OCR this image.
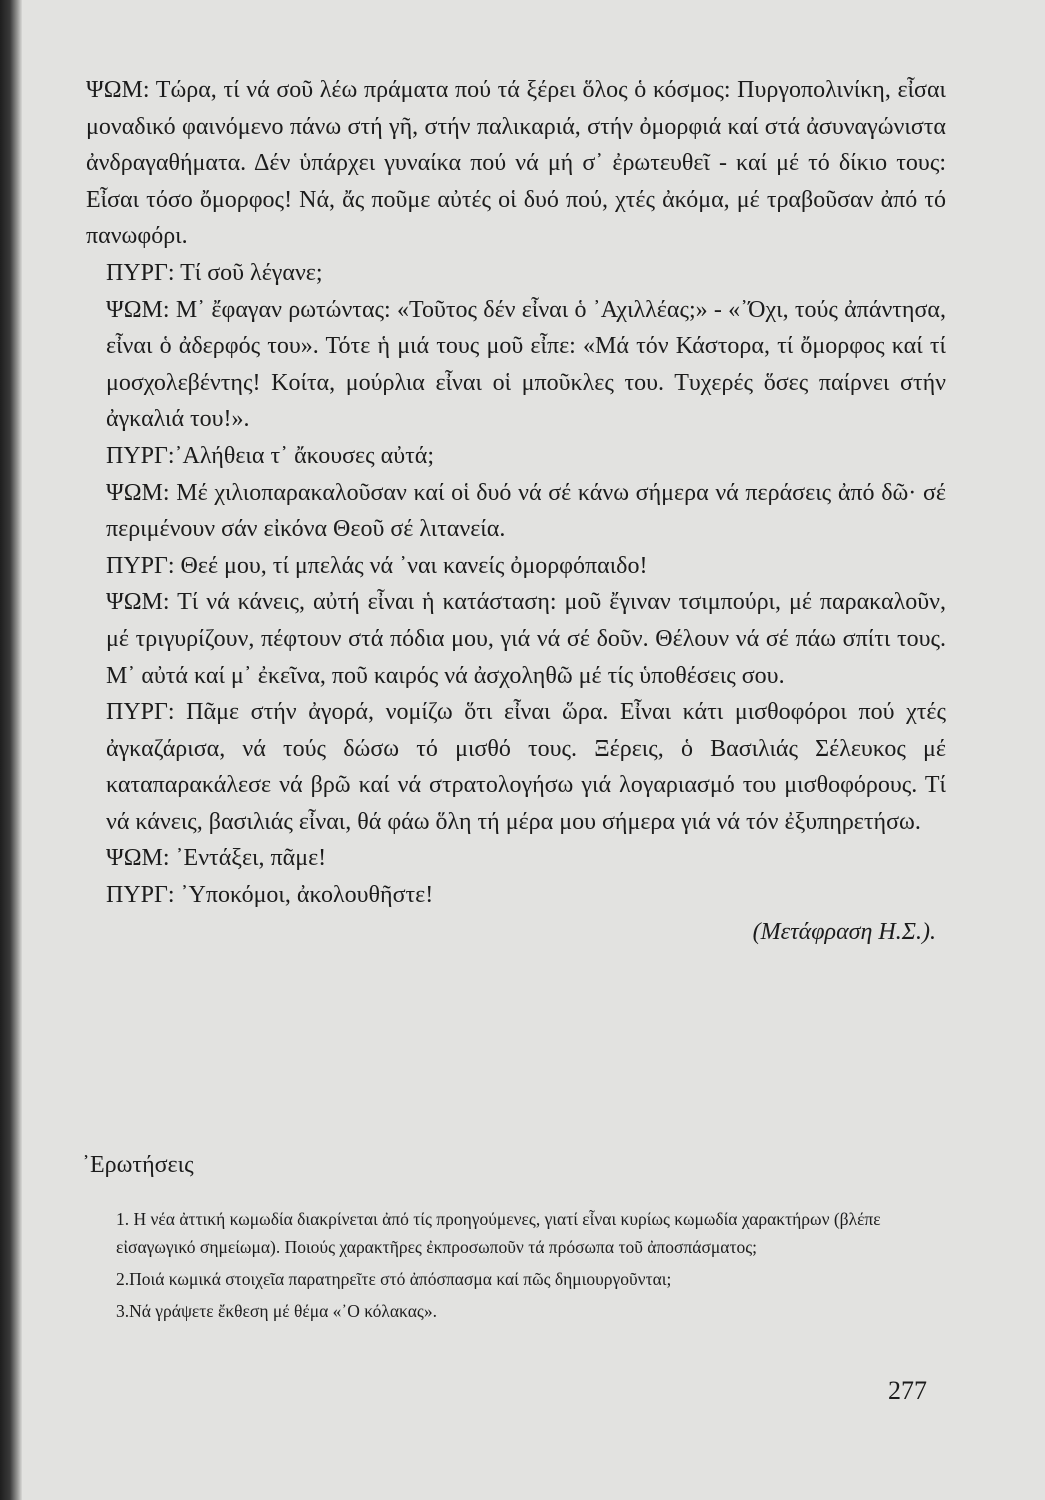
ΨΩΜ: Τώρα, τί νά σοῦ λέω πράματα πού τά ξέρει ὅλος ὁ κόσμος: Πυργοπολινίκη, εἶσαι μοναδικό φαινόμενο πάνω στή γῆ, στήν παλικαριά, στήν ὀμορφιά καί στά ἀσυναγώνιστα ἀνδραγαθήματα. Δέν ὑπάρχει γυναίκα πού νά μή σ᾽ ἐρωτευθεῖ - καί μέ τό δίκιο τους: Εἶσαι τόσο ὄμορφος! Νά, ἄς ποῦμε αὐτές οἱ δυό πού, χτές ἀκόμα, μέ τραβοῦσαν ἀπό τό πανωφόρι.

ΠΥΡΓ: Τί σοῦ λέγανε;

ΨΩΜ: Μ᾽ ἔφαγαν ρωτώντας: «Τοῦτος δέν εἶναι ὁ ᾽Αχιλλέας;» - «᾽Όχι, τούς ἀπάντησα, εἶναι ὁ ἀδερφός του». Τότε ἡ μιά τους μοῦ εἶπε: «Μά τόν Κάστορα, τί ὄμορφος καί τί μοσχολεβέντης! Κοίτα, μούρλια εἶναι οἱ μποῦκλες του. Τυχερές ὅσες παίρνει στήν ἀγκαλιά του!».

ΠΥΡΓ:᾽Αλήθεια τ᾽ ἄκουσες αὐτά;

ΨΩΜ: Μέ χιλιοπαρακαλοῦσαν καί οἱ δυό νά σέ κάνω σήμερα νά περάσεις ἀπό δῶ· σέ περιμένουν σάν εἰκόνα Θεοῦ σέ λιτανεία.

ΠΥΡΓ: Θεέ μου, τί μπελάς νά ᾽ναι κανείς ὀμορφόπαιδο!

ΨΩΜ: Τί νά κάνεις, αὐτή εἶναι ἡ κατάσταση: μοῦ ἔγιναν τσιμπούρι, μέ παρακαλοῦν, μέ τριγυρίζουν, πέφτουν στά πόδια μου, γιά νά σέ δοῦν. Θέλουν νά σέ πάω σπίτι τους. Μ᾽ αὐτά καί μ᾽ ἐκεῖνα, ποῦ καιρός νά ἀσχοληθῶ μέ τίς ὑποθέσεις σου.

ΠΥΡΓ: Πᾶμε στήν ἀγορά, νομίζω ὅτι εἶναι ὥρα. Εἶναι κάτι μισθοφόροι πού χτές ἀγκαζάρισα, νά τούς δώσω τό μισθό τους. Ξέρεις, ὁ Βασιλιάς Σέλευκος μέ καταπαρακάλεσε νά βρῶ καί νά στρατολογήσω γιά λογαριασμό του μισθοφόρους. Τί νά κάνεις, βασιλιάς εἶναι, θά φάω ὅλη τή μέρα μου σήμερα γιά νά τόν ἐξυπηρετήσω.

ΨΩΜ: ᾽Εντάξει, πᾶμε!

ΠΥΡΓ: ᾽Υποκόμοι, ἀκολουθῆστε!

(Μετάφραση Η.Σ.).
᾽Ερωτήσεις

1. Η νέα ἀττική κωμωδία διακρίνεται ἀπό τίς προηγούμενες, γιατί εἶναι κυρίως κωμωδία χαρακτήρων (βλέπε εἰσαγωγικό σημείωμα). Ποιούς χαρακτῆρες ἐκπροσωποῦν τά πρόσωπα τοῦ ἀποσπάσματος;

2.Ποιά κωμικά στοιχεῖα παρατηρεῖτε στό ἀπόσπασμα καί πῶς δημιουργοῦνται;

3.Νά γράψετε ἔκθεση μέ θέμα «᾽Ο κόλακας».

277
